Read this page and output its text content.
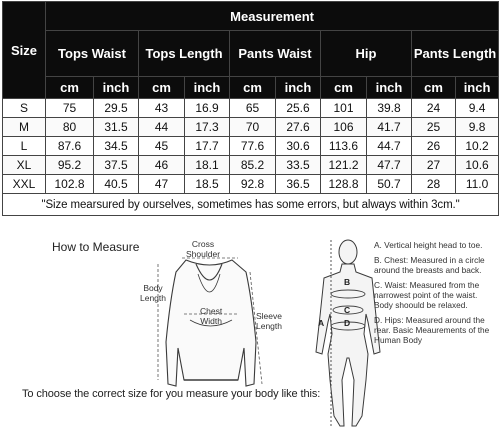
Size	Measurement									
	Tops Waist		Tops Length		Pants Waist		Hip		Pants Length	
	cm	inch	cm	inch	cm	inch	cm	inch	cm	inch
S	75	29.5	43	16.9	65	25.6	101	39.8	24	9.4
M	80	31.5	44	17.3	70	27.6	106	41.7	25	9.8
L	87.6	34.5	45	17.7	77.6	30.6	113.6	44.7	26	10.2
XL	95.2	37.5	46	18.1	85.2	33.5	121.2	47.7	27	10.6
XXL	102.8	40.5	47	18.5	92.8	36.5	128.8	50.7	28	11.0
"Size mearsured by ourselves, sometimes has some errors, but always within 3cm."										
How to Measure	Cross
Shoulder
Body
Length
Chest
Width	Sleeve
Length
B
C
A D
A. Vertical height head to toe.
B. Chest: Measured in a circle around the breasts and back.
C. Waist: Measured from the narrowest point of the waist. Body shoould be relaxed.
D. Hips: Measured around the rear. Basic Meaurements of the Human Body
To choose the correct size for you measure your body like this:
